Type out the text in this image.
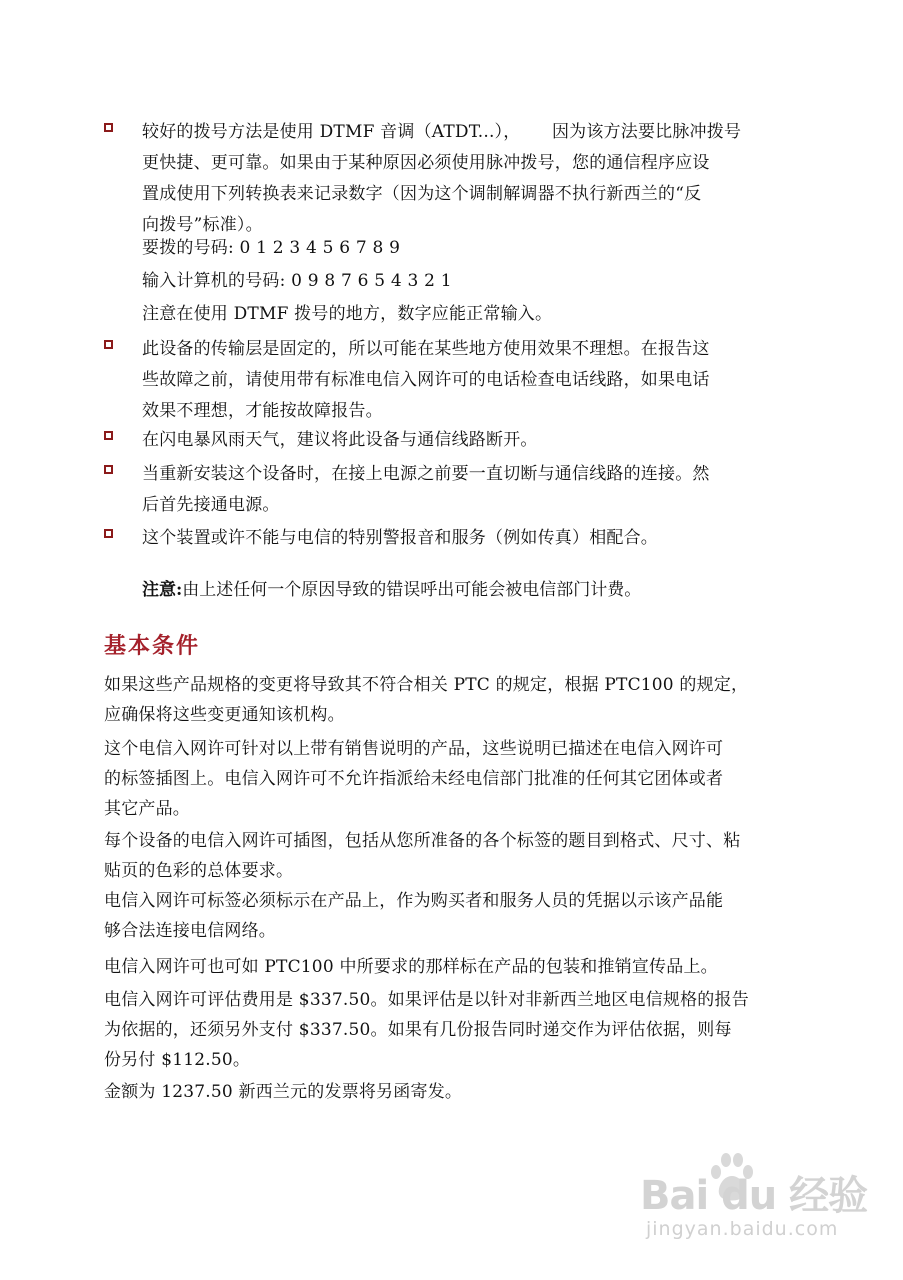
较好的拨号方法是使用 DTMF 音调（ATDT...），　　 因为该方法要比脉冲拨号
更快捷、更可靠。如果由于某种原因必须使用脉冲拨号，您的通信程序应设
置成使用下列转换表来记录数字（因为这个调制解调器不执行新西兰的“反
向拨号”标准）。
要拨的号码: 0 1 2 3 4 5 6 7 8 9
输入计算机的号码: 0 9 8 7 6 5 4 3 2 1
注意在使用 DTMF 拨号的地方，数字应能正常输入。
此设备的传输层是固定的，所以可能在某些地方使用效果不理想。在报告这
些故障之前，请使用带有标准电信入网许可的电话检查电话线路，如果电话
效果不理想，才能按故障报告。
在闪电暴风雨天气，建议将此设备与通信线路断开。
当重新安装这个设备时，在接上电源之前要一直切断与通信线路的连接。然
后首先接通电源。
这个装置或许不能与电信的特别警报音和服务（例如传真）相配合。
注意:由上述任何一个原因导致的错误呼出可能会被电信部门计费。
基本条件
如果这些产品规格的变更将导致其不符合相关 PTC 的规定，根据 PTC100 的规定，
应确保将这些变更通知该机构。
这个电信入网许可针对以上带有销售说明的产品，这些说明已描述在电信入网许可
的标签插图上。电信入网许可不允许指派给未经电信部门批准的任何其它团体或者
其它产品。
每个设备的电信入网许可插图，包括从您所准备的各个标签的题目到格式、尺寸、粘
贴页的色彩的总体要求。
电信入网许可标签必须标示在产品上，作为购买者和服务人员的凭据以示该产品能
够合法连接电信网络。
电信入网许可也可如 PTC100 中所要求的那样标在产品的包装和推销宣传品上。
电信入网许可评估费用是 $337.50。如果评估是以针对非新西兰地区电信规格的报告
为依据的，还须另外支付 $337.50。如果有几份报告同时递交作为评估依据，则每
份另付 $112.50。
金额为 1237.50 新西兰元的发票将另函寄发。
Bai du 经验
jingyan.baidu.com
